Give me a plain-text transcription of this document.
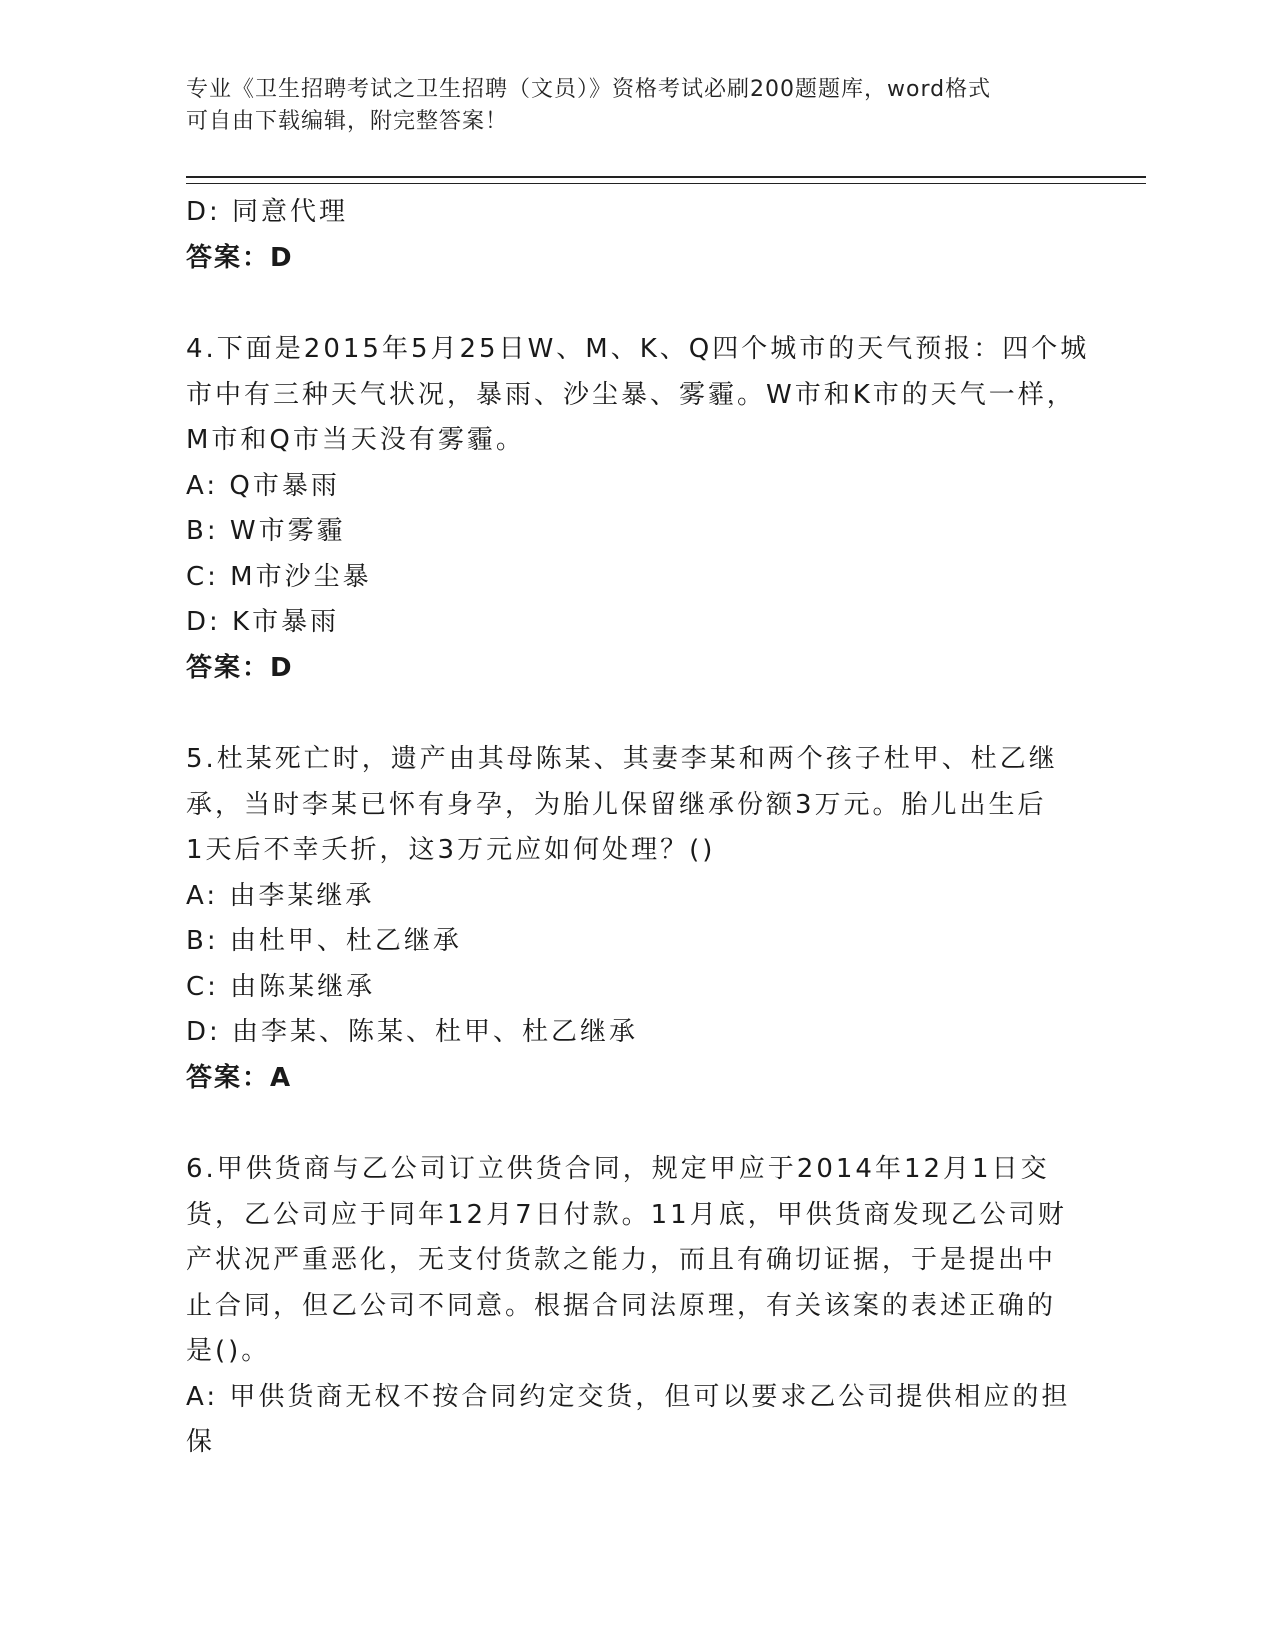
专业《卫生招聘考试之卫生招聘（文员）》资格考试必刷200题题库，word格式
可自由下载编辑，附完整答案！

D: 同意代理

答案：D

4.下面是2015年5月25日W、M、K、Q四个城市的天气预报：四个城

市中有三种天气状况，暴雨、沙尘暴、雾霾。W市和K市的天气一样，

M市和Q市当天没有雾霾。

A: Q市暴雨

B: W市雾霾

C: M市沙尘暴

D: K市暴雨

答案：D

5.杜某死亡时，遗产由其母陈某、其妻李某和两个孩子杜甲、杜乙继

承，当时李某已怀有身孕，为胎儿保留继承份额3万元。胎儿出生后

1天后不幸夭折，这3万元应如何处理？()

A: 由李某继承

B: 由杜甲、杜乙继承

C: 由陈某继承

D: 由李某、陈某、杜甲、杜乙继承

答案：A

6.甲供货商与乙公司订立供货合同，规定甲应于2014年12月1日交

货，乙公司应于同年12月7日付款。11月底，甲供货商发现乙公司财

产状况严重恶化，无支付货款之能力，而且有确切证据，于是提出中

止合同，但乙公司不同意。根据合同法原理，有关该案的表述正确的

是()。

A: 甲供货商无权不按合同约定交货，但可以要求乙公司提供相应的担

保
